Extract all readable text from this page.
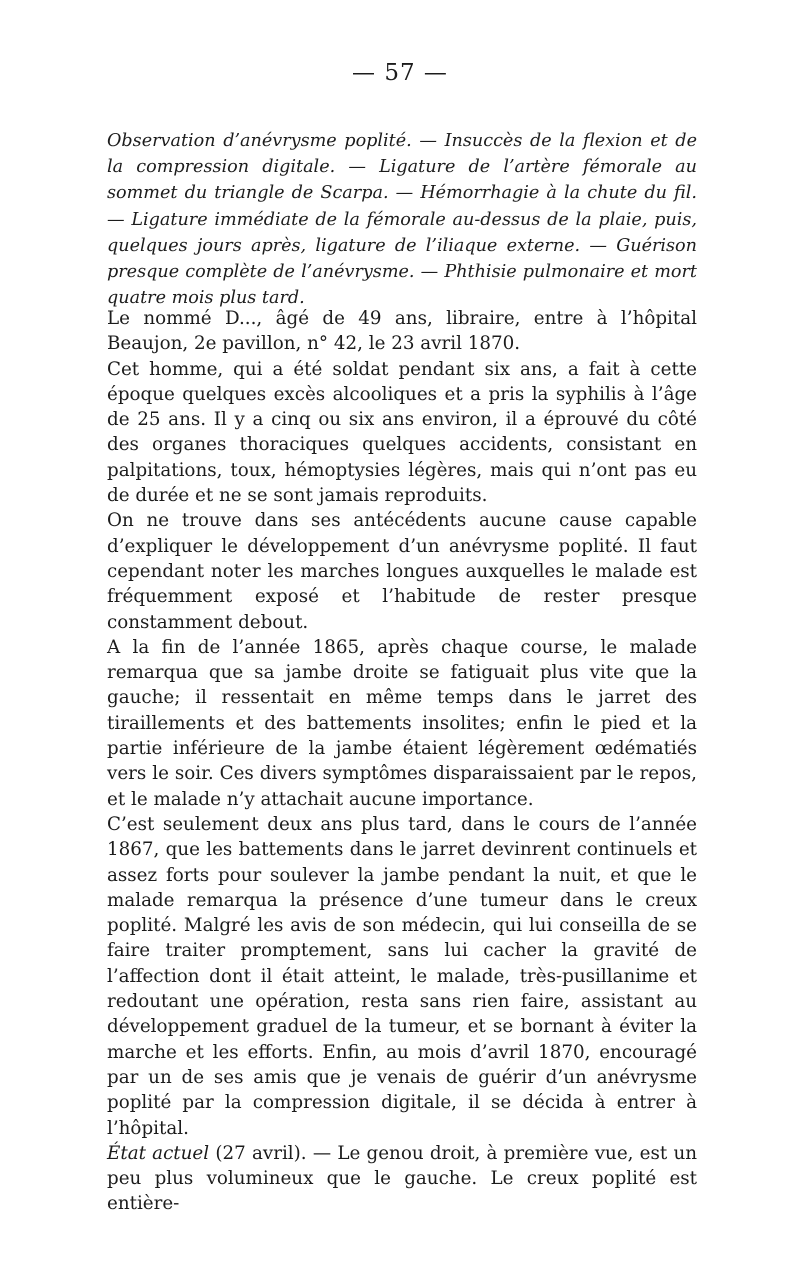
— 57 —

Observation d’anévrysme poplité. — Insuccès de la flexion et de la compression digitale. — Ligature de l’artère fémorale au sommet du triangle de Scarpa. — Hémorrhagie à la chute du fil. — Ligature immédiate de la fémorale au-dessus de la plaie, puis, quelques jours après, ligature de l’iliaque externe. — Guérison presque complète de l’anévrysme. — Phthisie pulmonaire et mort quatre mois plus tard.

Le nommé D..., âgé de 49 ans, libraire, entre à l’hôpital Beaujon, 2e pavillon, n° 42, le 23 avril 1870.

Cet homme, qui a été soldat pendant six ans, a fait à cette époque quelques excès alcooliques et a pris la syphilis à l’âge de 25 ans. Il y a cinq ou six ans environ, il a éprouvé du côté des organes thoraciques quelques accidents, consistant en palpitations, toux, hémoptysies légères, mais qui n’ont pas eu de durée et ne se sont jamais reproduits.

On ne trouve dans ses antécédents aucune cause capable d’expliquer le développement d’un anévrysme poplité. Il faut cependant noter les marches longues auxquelles le malade est fréquemment exposé et l’habitude de rester presque constamment debout.

A la fin de l’année 1865, après chaque course, le malade remarqua que sa jambe droite se fatiguait plus vite que la gauche; il ressentait en même temps dans le jarret des tiraillements et des battements insolites; enfin le pied et la partie inférieure de la jambe étaient légèrement œdématiés vers le soir. Ces divers symptômes disparaissaient par le repos, et le malade n’y attachait aucune importance.

C’est seulement deux ans plus tard, dans le cours de l’année 1867, que les battements dans le jarret devinrent continuels et assez forts pour soulever la jambe pendant la nuit, et que le malade remarqua la présence d’une tumeur dans le creux poplité. Malgré les avis de son médecin, qui lui conseilla de se faire traiter promptement, sans lui cacher la gravité de l’affection dont il était atteint, le malade, très-pusillanime et redoutant une opération, resta sans rien faire, assistant au développement graduel de la tumeur, et se bornant à éviter la marche et les efforts. Enfin, au mois d’avril 1870, encouragé par un de ses amis que je venais de guérir d’un anévrysme poplité par la compression digitale, il se décida à entrer à l’hôpital.

État actuel (27 avril). — Le genou droit, à première vue, est un peu plus volumineux que le gauche. Le creux poplité est entière-
